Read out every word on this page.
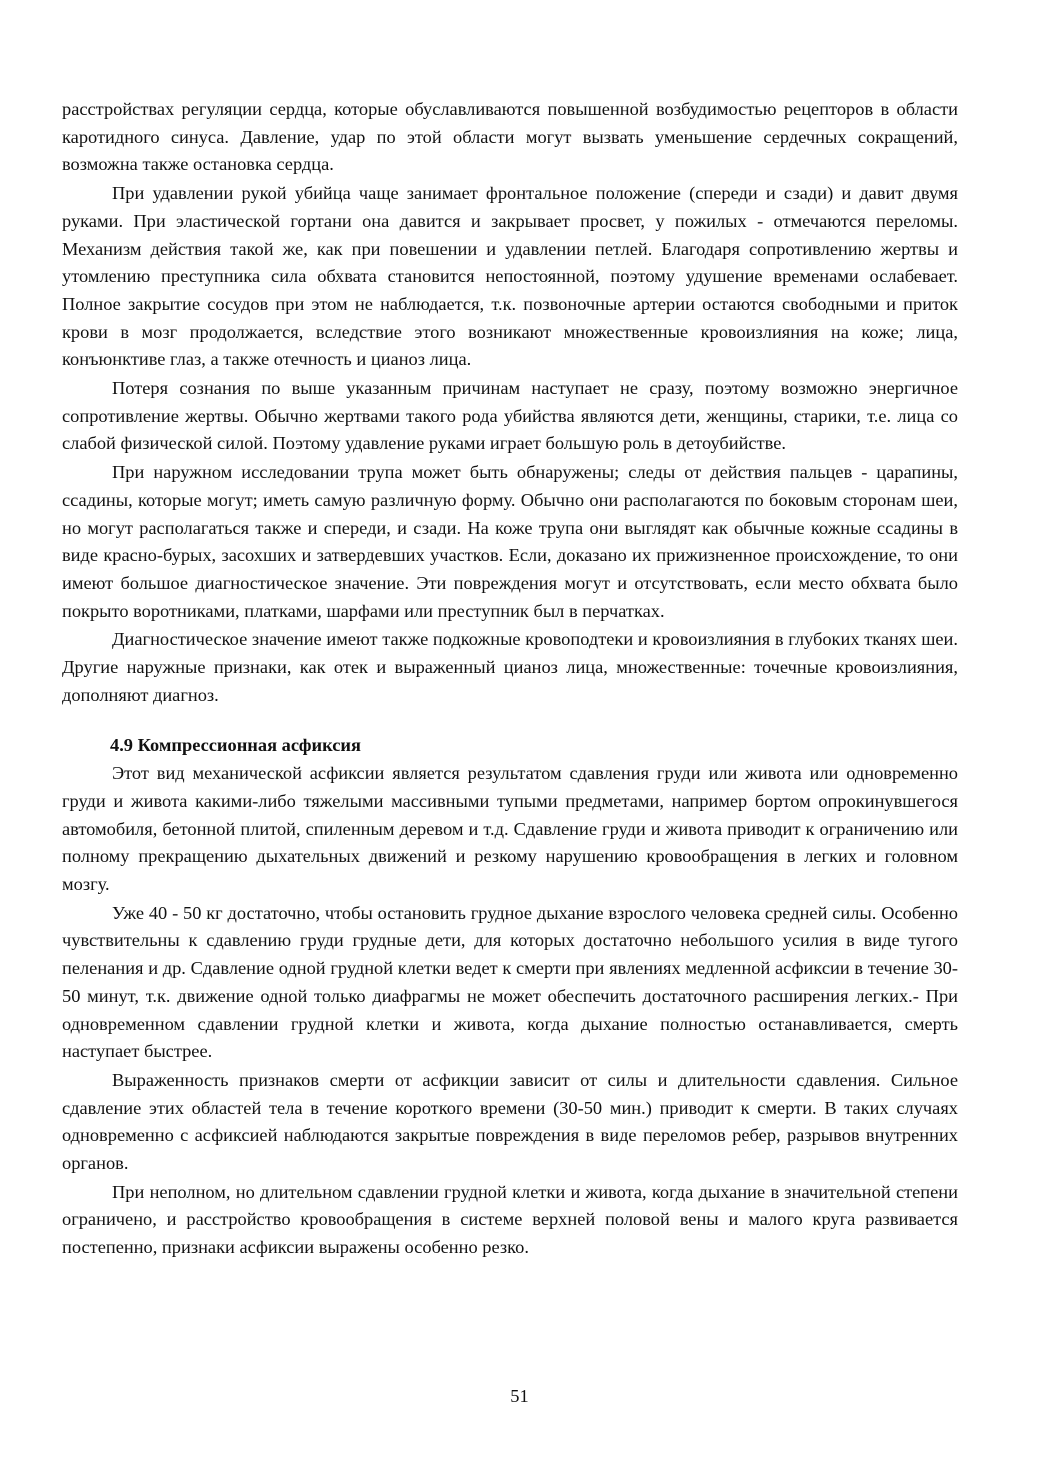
расстройствах регуляции сердца, которые обуславливаются повышенной возбудимостью рецепторов в области каротидного синуса. Давление, удар по этой области могут вызвать уменьшение сердечных сокращений, возможна также остановка сердца.

При удавлении рукой убийца чаще занимает фронтальное положение (спереди и сзади) и давит двумя руками. При эластической гортани она давится и закрывает просвет, у пожилых - отмечаются переломы. Механизм действия такой же, как при повешении и удавлении петлей. Благодаря сопротивлению жертвы и утомлению преступника сила обхвата становится непостоянной, поэтому удушение временами ослабевает. Полное закрытие сосудов при этом не наблюдается, т.к. позвоночные артерии остаются свободными и приток крови в мозг продолжается, вследствие этого возникают множественные кровоизлияния на коже; лица, конъюнктиве глаз, а также отечность и цианоз лица.

Потеря сознания по выше указанным причинам наступает не сразу, поэтому возможно энергичное сопротивление жертвы. Обычно жертвами такого рода убийства являются дети, женщины, старики, т.е. лица со слабой физической силой. Поэтому удавление руками играет большую роль в детоубийстве.

При наружном исследовании трупа может быть обнаружены; следы от действия пальцев - царапины, ссадины, которые могут; иметь самую различную форму. Обычно они располагаются по боковым сторонам шеи, но могут располагаться также и спереди, и сзади. На коже трупа они выглядят как обычные кожные ссадины в виде красно-бурых, засохших и затвердевших участков. Если, доказано их прижизненное происхождение, то они имеют большое диагностическое значение. Эти повреждения могут и отсутствовать, если место обхвата было покрыто воротниками, платками, шарфами или преступник был в перчатках.

Диагностическое значение имеют также подкожные кровоподтеки и кровоизлияния в глубоких тканях шеи. Другие наружные признаки, как отек и выраженный цианоз лица, множественные: точечные кровоизлияния, дополняют диагноз.

4.9 Компрессионная асфиксия

Этот вид механической асфиксии является результатом сдавления груди или живота или одновременно груди и живота какими-либо тяжелыми массивными тупыми предметами, например бортом опрокинувшегося автомобиля, бетонной плитой, спиленным деревом и т.д. Сдавление груди и живота приводит к ограничению или полному прекращению дыхательных движений и резкому нарушению кровообращения в легких и головном мозгу.

Уже 40 - 50 кг достаточно, чтобы остановить грудное дыхание взрослого человека средней силы. Особенно чувствительны к сдавлению груди грудные дети, для которых достаточно небольшого усилия в виде тугого пеленания и др. Сдавление одной грудной клетки ведет к смерти при явлениях медленной асфиксии в течение 30-50 минут, т.к. движение одной только диафрагмы не может обеспечить достаточного расширения легких.- При одновременном сдавлении грудной клетки и живота, когда дыхание полностью останавливается, смерть наступает быстрее.

Выраженность признаков смерти от асфикции зависит от силы и длительности сдавления. Сильное сдавление этих областей тела в течение короткого времени (30-50 мин.) приводит к смерти. В таких случаях одновременно с асфиксией наблюдаются закрытые повреждения в виде переломов ребер, разрывов внутренних органов.

При неполном, но длительном сдавлении грудной клетки и живота, когда дыхание в значительной степени ограничено, и расстройство кровообращения в системе верхней половой вены и малого круга развивается постепенно, признаки асфиксии выражены особенно резко.

51
